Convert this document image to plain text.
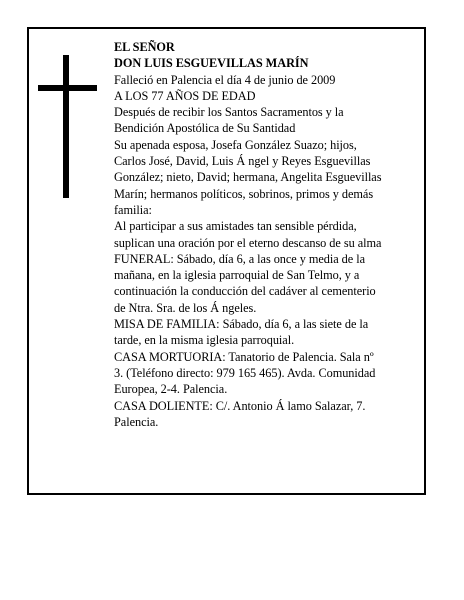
EL SEÑOR
DON LUIS ESGUEVILLAS MARÍN
Falleció en Palencia el día 4 de junio de 2009
A LOS 77 AÑOS DE EDAD
Después de recibir los Santos Sacramentos y la
Bendición Apostólica de Su Santidad
Su apenada esposa, Josefa González Suazo; hijos,
Carlos José, David, Luis Á ngel y Reyes Esguevillas
González; nieto, David; hermana, Angelita Esguevillas
Marín; hermanos políticos, sobrinos, primos y demás
familia:
Al participar a sus amistades tan sensible pérdida,
suplican una oración por el eterno descanso de su alma
FUNERAL: Sábado, día 6, a las once y media de la
mañana, en la iglesia parroquial de San Telmo, y a
continuación la conducción del cadáver al cementerio
de Ntra. Sra. de los Á ngeles.
MISA DE FAMILIA: Sábado, día 6, a las siete de la
tarde, en la misma iglesia parroquial.
CASA MORTUORIA: Tanatorio de Palencia. Sala nº
3. (Teléfono directo: 979 165 465). Avda. Comunidad
Europea, 2-4. Palencia.
CASA DOLIENTE: C/. Antonio Á lamo Salazar, 7.
Palencia.
